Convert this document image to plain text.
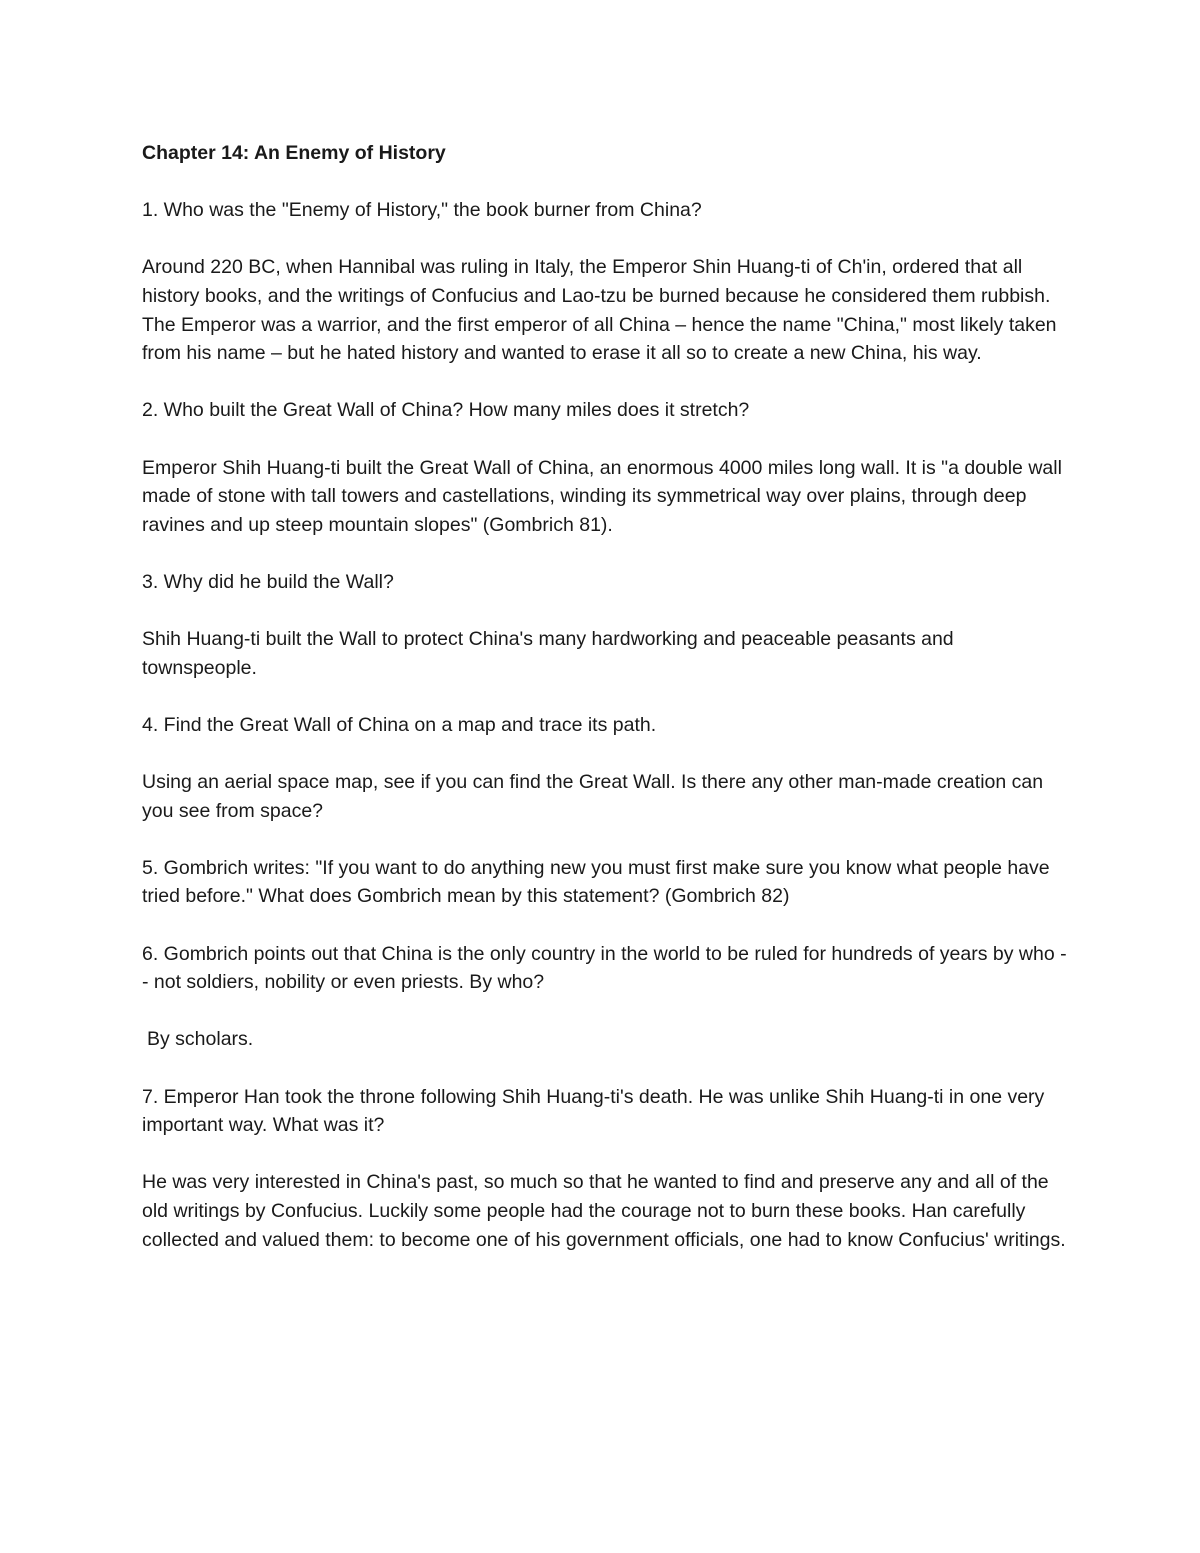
Chapter 14: An Enemy of History
1. Who was the "Enemy of History," the book burner from China?
Around 220 BC, when Hannibal was ruling in Italy, the Emperor Shin Huang-ti of Ch'in, ordered that all history books, and the writings of Confucius and Lao-tzu be burned because he considered them rubbish. The Emperor was a warrior, and the first emperor of all China – hence the name "China," most likely taken from his name – but he hated history and wanted to erase it all so to create a new China, his way.
2. Who built the Great Wall of China? How many miles does it stretch?
Emperor Shih Huang-ti built the Great Wall of China, an enormous 4000 miles long wall. It is "a double wall made of stone with tall towers and castellations, winding its symmetrical way over plains, through deep ravines and up steep mountain slopes" (Gombrich 81).
3. Why did he build the Wall?
Shih Huang-ti built the Wall to protect China's many hardworking and peaceable peasants and townspeople.
4. Find the Great Wall of China on a map and trace its path.
Using an aerial space map, see if you can find the Great Wall. Is there any other man-made creation can you see from space?
5. Gombrich writes: "If you want to do anything new you must first make sure you know what people have tried before." What does Gombrich mean by this statement? (Gombrich 82)
6. Gombrich points out that China is the only country in the world to be ruled for hundreds of years by who -- not soldiers, nobility or even priests. By who?
By scholars.
7. Emperor Han took the throne following Shih Huang-ti's death. He was unlike Shih Huang-ti in one very important way. What was it?
He was very interested in China's past, so much so that he wanted to find and preserve any and all of the old writings by Confucius. Luckily some people had the courage not to burn these books. Han carefully collected and valued them: to become one of his government officials, one had to know Confucius' writings.
